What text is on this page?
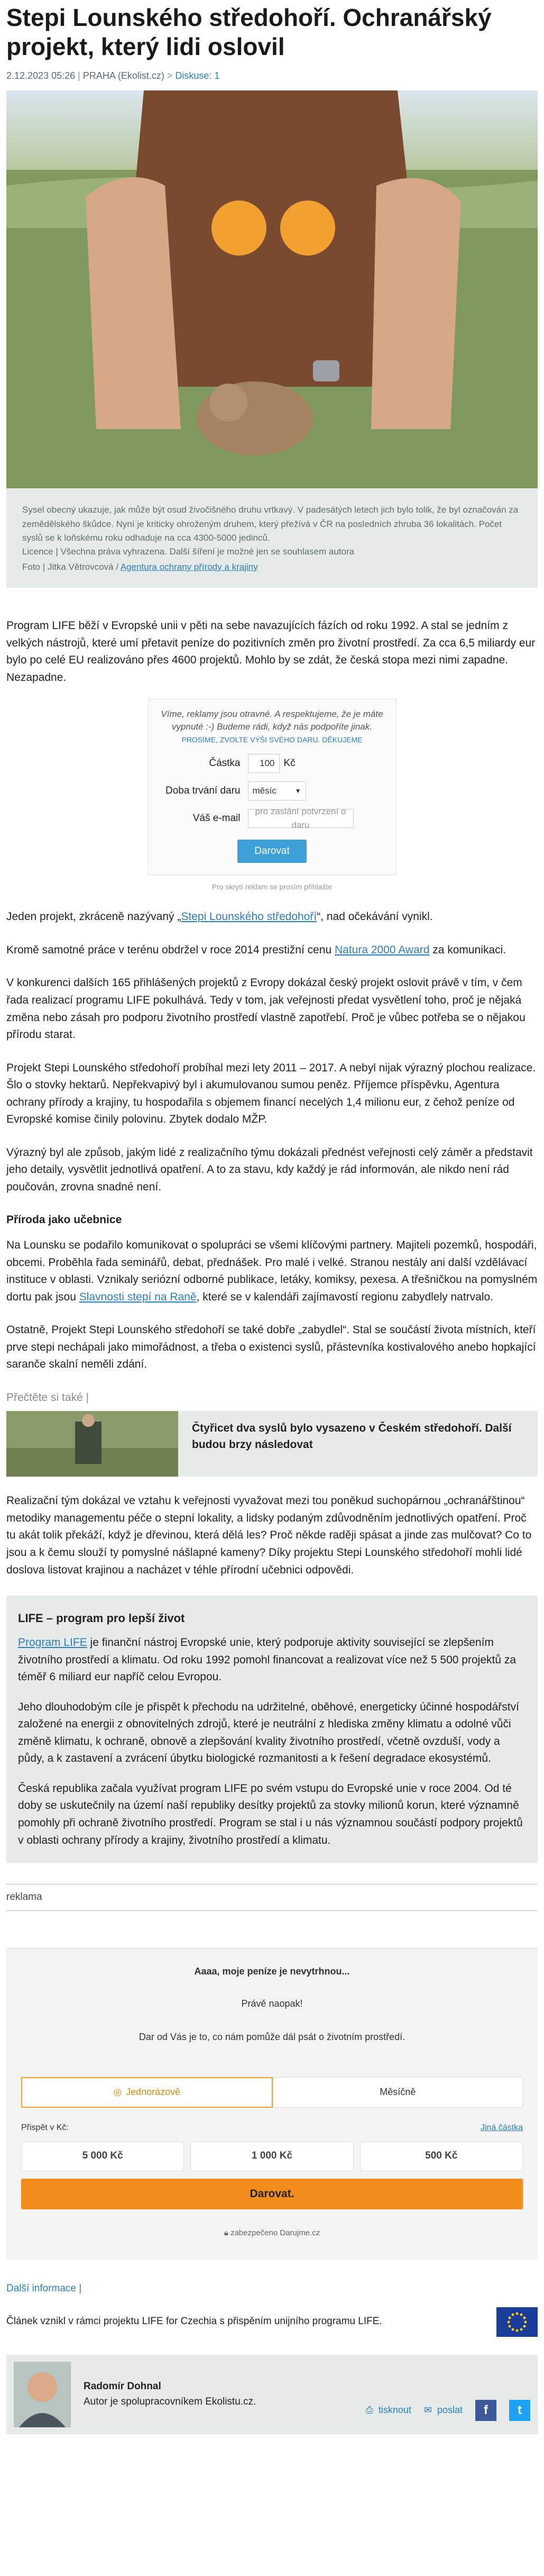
Stepi Lounského středohoří. Ochranářský projekt, který lidi oslovil
2.12.2023 05:26 | PRAHA (Ekolist.cz) > Diskuse: 1
Sysel obecný ukazuje, jak může být osud živočišného druhu vrtkavý. V padesátých letech jich bylo tolik, že byl označován za zemědělského škůdce. Nyní je kriticky ohroženým druhem, který přežívá v ČR na posledních zhruba 36 lokalitách. Počet syslů se k loňskému roku odhaduje na cca 4300-5000 jedinců.
Licence | Všechna práva vyhrazena. Další šíření je možné jen se souhlasem autora
Foto | Jitka Větrovcová / Agentura ochrany přírody a krajiny

Program LIFE běží v Evropské unii v pěti na sebe navazujících fázích od roku 1992. A stal se jedním z velkých nástrojů, které umí přetavit peníze do pozitivních změn pro životní prostředí. Za cca 6,5 miliardy eur bylo po celé EU realizováno přes 4600 projektů. Mohlo by se zdát, že česká stopa mezi nimi zapadne. Nezapadne.

Víme, reklamy jsou otravné. A respektujeme, že je máte vypnuté :-) Budeme rádi, když nás podpoříte jinak.
PROSÍME, ZVOLTE VÝŠI SVÉHO DARU. DĚKUJEME
Částka	100 Kč
Doba trvání daru	měsíc	▼
Váš e-mail
pro zaslání potvrzení o daru
Darovat
Pro skrytí reklam se prosím přihlašte

Jeden projekt, zkráceně nazývaný „Stepi Lounského středohoří“, nad očekávání vynikl.

Kromě samotné práce v terénu obdržel v roce 2014 prestižní cenu Natura 2000 Award za komunikaci.

V konkurenci dalších 165 přihlášených projektů z Evropy dokázal český projekt oslovit právě v tím, v čem řada realizací programu LIFE pokulhává. Tedy v tom, jak veřejnosti předat vysvětlení toho, proč je nějaká změna nebo zásah pro podporu životního prostředí vlastně zapotřebí. Proč je vůbec potřeba se o nějakou přírodu starat.

Projekt Stepi Lounského středohoří probíhal mezi lety 2011 – 2017. A nebyl nijak výrazný plochou realizace. Šlo o stovky hektarů. Nepřekvapivý byl i akumulovanou sumou peněz. Příjemce příspěvku, Agentura ochrany přírody a krajiny, tu hospodařila s objemem financí necelých 1,4 milionu eur, z čehož peníze od Evropské komise činily polovinu. Zbytek dodalo MŽP.

Výrazný byl ale způsob, jakým lidé z realizačního týmu dokázali přednést veřejnosti celý záměr a představit jeho detaily, vysvětlit jednotlivá opatření. A to za stavu, kdy každý je rád informován, ale nikdo není rád poučován, zrovna snadné není.

Příroda jako učebnice

Na Lounsku se podařilo komunikovat o spolupráci se všemi klíčovými partnery. Majiteli pozemků, hospodáři, obcemi. Proběhla řada seminářů, debat, přednášek. Pro malé i velké. Stranou nestály ani další vzdělávací instituce v oblasti. Vznikaly seriózní odborné publikace, letáky, komiksy, pexesa. A třešničkou na pomyslném dortu pak jsou Slavnosti stepí na Raně, které se v kalendáři zajímavostí regionu zabydlely natrvalo.

Ostatně, Projekt Stepi Lounského středohoří se také dobře „zabydlel“. Stal se součástí života místních, kteří prve stepi nechápali jako mimořádnost, a třeba o existenci syslů, přástevníka kostivalového anebo hopkající saranče skalní neměli zdání.

Přečtěte si také |
Čtyřicet dva syslů bylo vysazeno v Českém středohoří. Další budou brzy následovat

Realizační tým dokázal ve vztahu k veřejnosti vyvažovat mezi tou poněkud suchopárnou „ochranářštinou“ metodiky managementu péče o stepní lokality, a lidsky podaným zdůvodněním jednotlivých opatření. Proč tu akát tolik překáží, když je dřevinou, která dělá les? Proč někde raději spásat a jinde zas mulčovat? Co to jsou a k čemu slouží ty pomyslné nášlapné kameny? Díky projektu Stepi Lounského středohoří mohli lidé doslova listovat krajinou a nacházet v téhle přírodní učebnici odpovědi.

LIFE – program pro lepší život

Program LIFE je finanční nástroj Evropské unie, který podporuje aktivity související se zlepšením životního prostředí a klimatu. Od roku 1992 pomohl financovat a realizovat více než 5 500 projektů za téměř 6 miliard eur napříč celou Evropou.

Jeho dlouhodobým cíle je přispět k přechodu na udržitelné, oběhové, energeticky účinné hospodářství založené na energii z obnovitelných zdrojů, které je neutrální z hlediska změny klimatu a odolné vůči změně klimatu, k ochraně, obnově a zlepšování kvality životního prostředí, včetně ovzduší, vody a půdy, a k zastavení a zvrácení úbytku biologické rozmanitosti a k řešení degradace ekosystémů.

Česká republika začala využívat program LIFE po svém vstupu do Evropské unie v roce 2004. Od té doby se uskutečnily na území naší republiky desítky projektů za stovky milionů korun, které významně pomohly při ochraně životního prostředí. Program se stal i u nás významnou součástí podpory projektů v oblasti ochrany přírody a krajiny, životního prostředí a klimatu.

reklama
Aaaa, moje peníze je nevytrhnou...
Právě naopak!
Dar od Vás je to, co nám pomůže dál psát o životním prostředí.
◎ Jednorázově	Měsíčně
Přispět v Kč:	Jiná částka
5 000 Kč	1 000 Kč	500 Kč
Darovat.
🔒︎ zabezpečeno Darujme.cz
Další informace |
Článek vznikl v rámci projektu LIFE for Czechia s přispěním unijního programu LIFE.
Radomír Dohnal
Autor je spolupracovníkem Ekolistu.cz.
⎙ tisknout ✉ poslat	f	t
